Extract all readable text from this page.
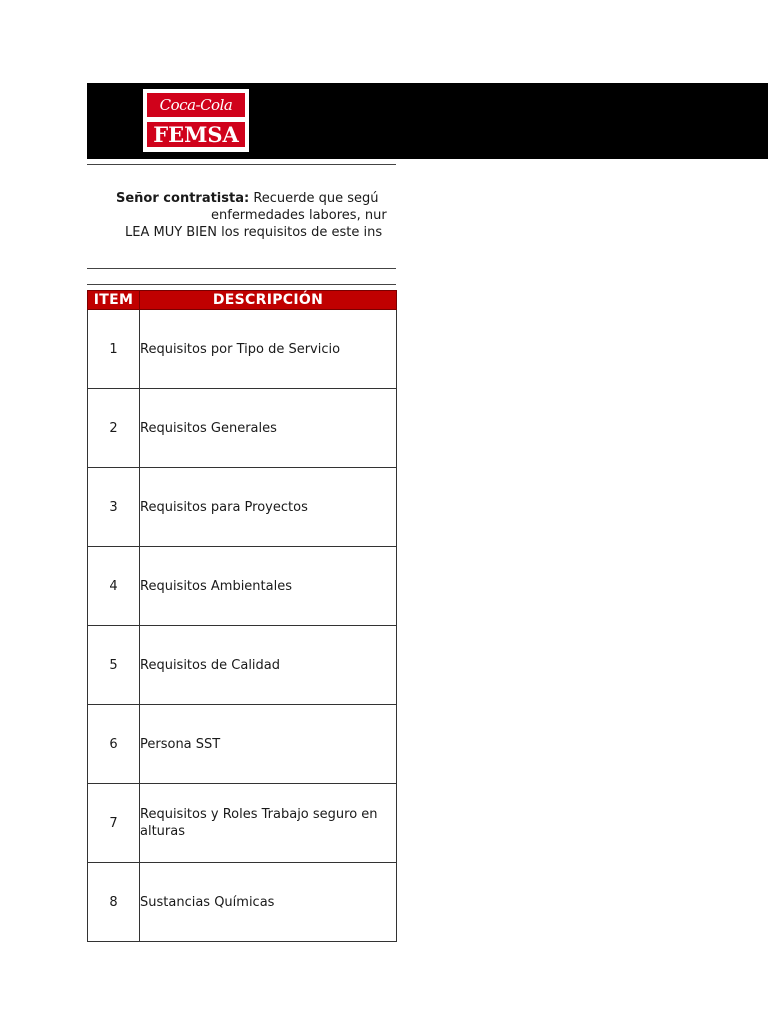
Coca-Cola
FEMSA
Señor contratista: Recuerde que segú
enfermedades labores, nur
LEA MUY BIEN los requisitos de este ins
ITEM	DESCRIPCIÓN
1	Requisitos por Tipo de Servicio
2	Requisitos Generales
3	Requisitos para Proyectos
4	Requisitos Ambientales
5	Requisitos de Calidad
6	Persona SST
7	Requisitos y Roles Trabajo seguro en alturas
8	Sustancias Químicas
